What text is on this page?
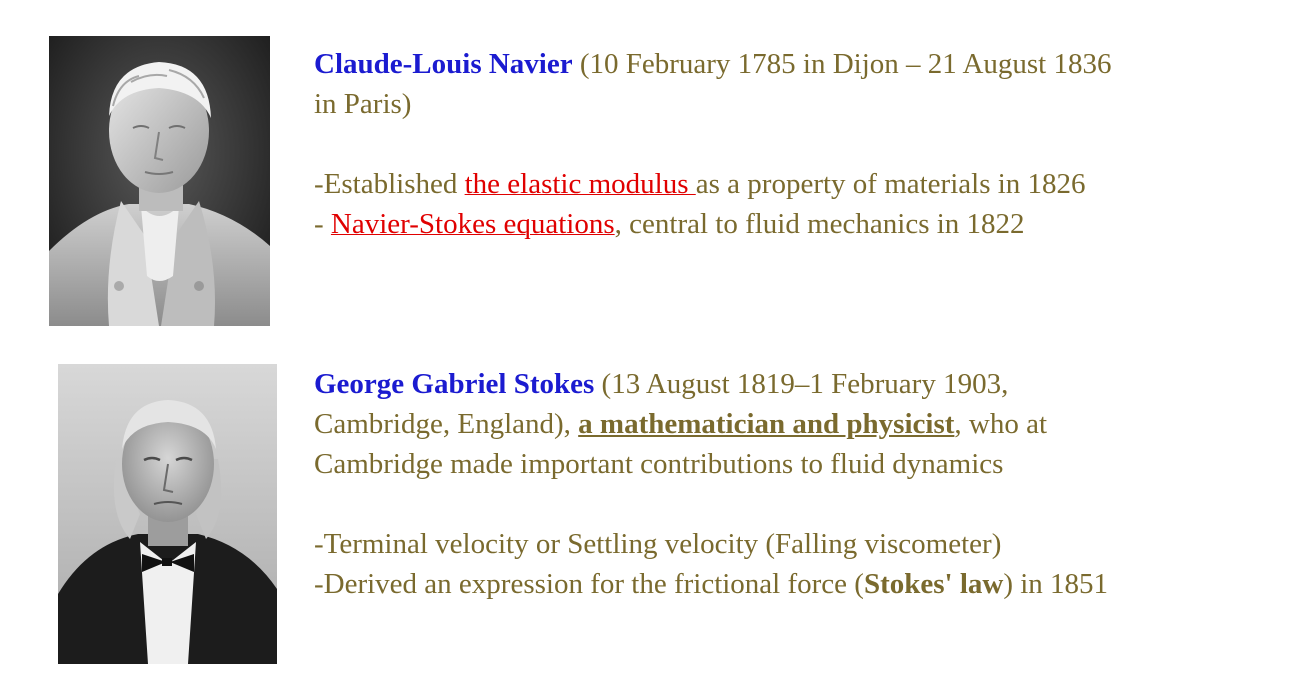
Claude-Louis Navier (10 February 1785 in Dijon – 21 August 1836
in Paris)
-Established the elastic modulus as a property of materials in 1826
- Navier-Stokes equations, central to fluid mechanics in 1822
George Gabriel Stokes (13 August 1819–1 February 1903,
Cambridge, England), a mathematician and physicist, who at
Cambridge made important contributions to fluid dynamics
-Terminal velocity or Settling velocity (Falling viscometer)
-Derived an expression for the frictional force (Stokes' law) in 1851
